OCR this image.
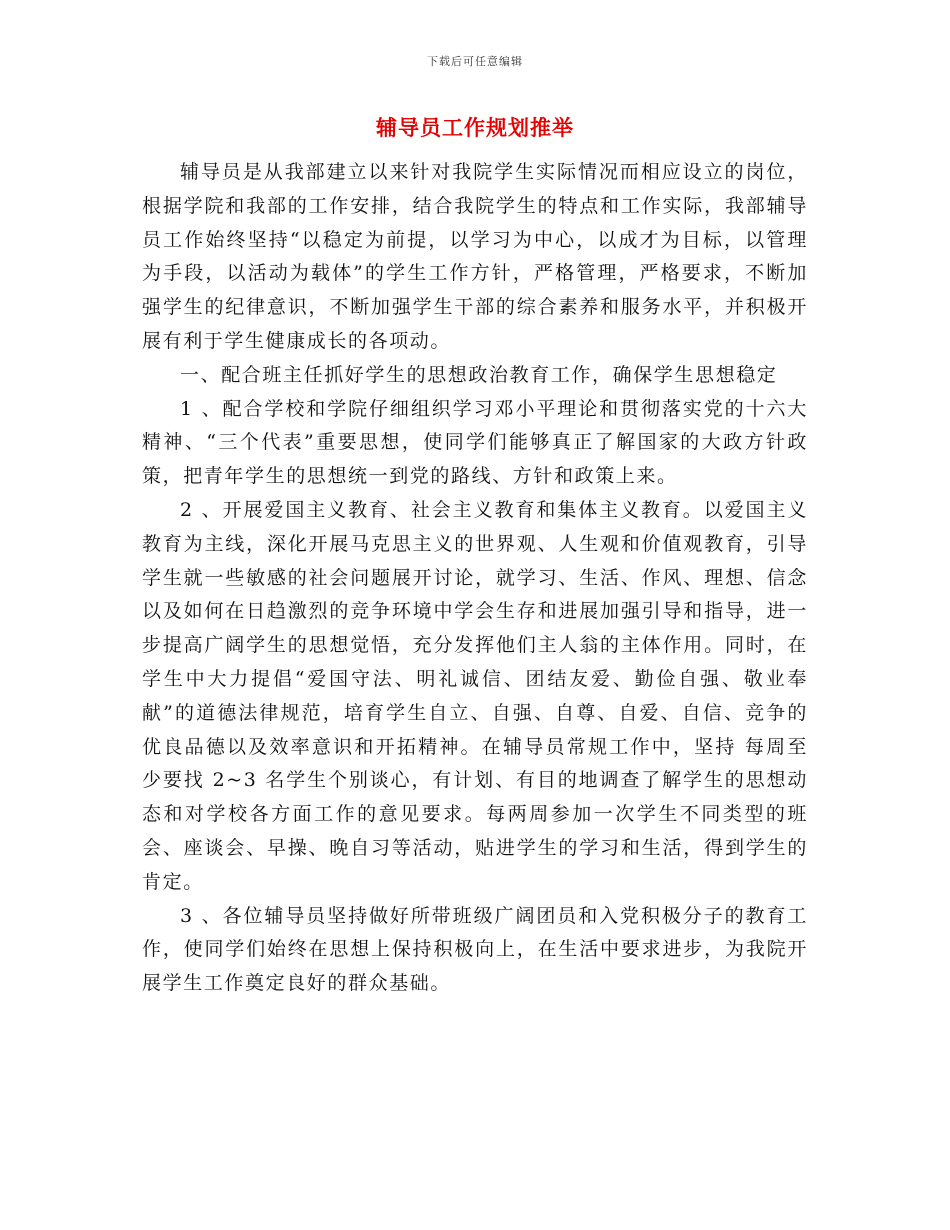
下载后可任意编辑
辅导员工作规划推举

辅导员是从我部建立以来针对我院学生实际情况而相应设立的岗位，根据学院和我部的工作安排，结合我院学生的特点和工作实际，我部辅导员工作始终坚持“以稳定为前提，以学习为中心，以成才为目标，以管理为手段，以活动为载体”的学生工作方针，严格管理，严格要求，不断加强学生的纪律意识，不断加强学生干部的综合素养和服务水平，并积极开展有利于学生健康成长的各项动。

一、配合班主任抓好学生的思想政治教育工作，确保学生思想稳定

1 、配合学校和学院仔细组织学习邓小平理论和贯彻落实党的十六大精神、“三个代表”重要思想，使同学们能够真正了解国家的大政方针政策，把青年学生的思想统一到党的路线、方针和政策上来。

2 、开展爱国主义教育、社会主义教育和集体主义教育。以爱国主义教育为主线，深化开展马克思主义的世界观、人生观和价值观教育，引导学生就一些敏感的社会问题展开讨论，就学习、生活、作风、理想、信念以及如何在日趋激烈的竞争环境中学会生存和进展加强引导和指导，进一步提高广阔学生的思想觉悟，充分发挥他们主人翁的主体作用。同时，在学生中大力提倡“爱国守法、明礼诚信、团结友爱、勤俭自强、敬业奉献”的道德法律规范，培育学生自立、自强、自尊、自爱、自信、竞争的优良品德以及效率意识和开拓精神。在辅导员常规工作中，坚持 每周至少要找 2~3 名学生个别谈心，有计划、有目的地调查了解学生的思想动态和对学校各方面工作的意见要求。每两周参加一次学生不同类型的班会、座谈会、早操、晚自习等活动，贴进学生的学习和生活，得到学生的肯定。

3 、各位辅导员坚持做好所带班级广阔团员和入党积极分子的教育工作，使同学们始终在思想上保持积极向上，在生活中要求进步，为我院开展学生工作奠定良好的群众基础。
